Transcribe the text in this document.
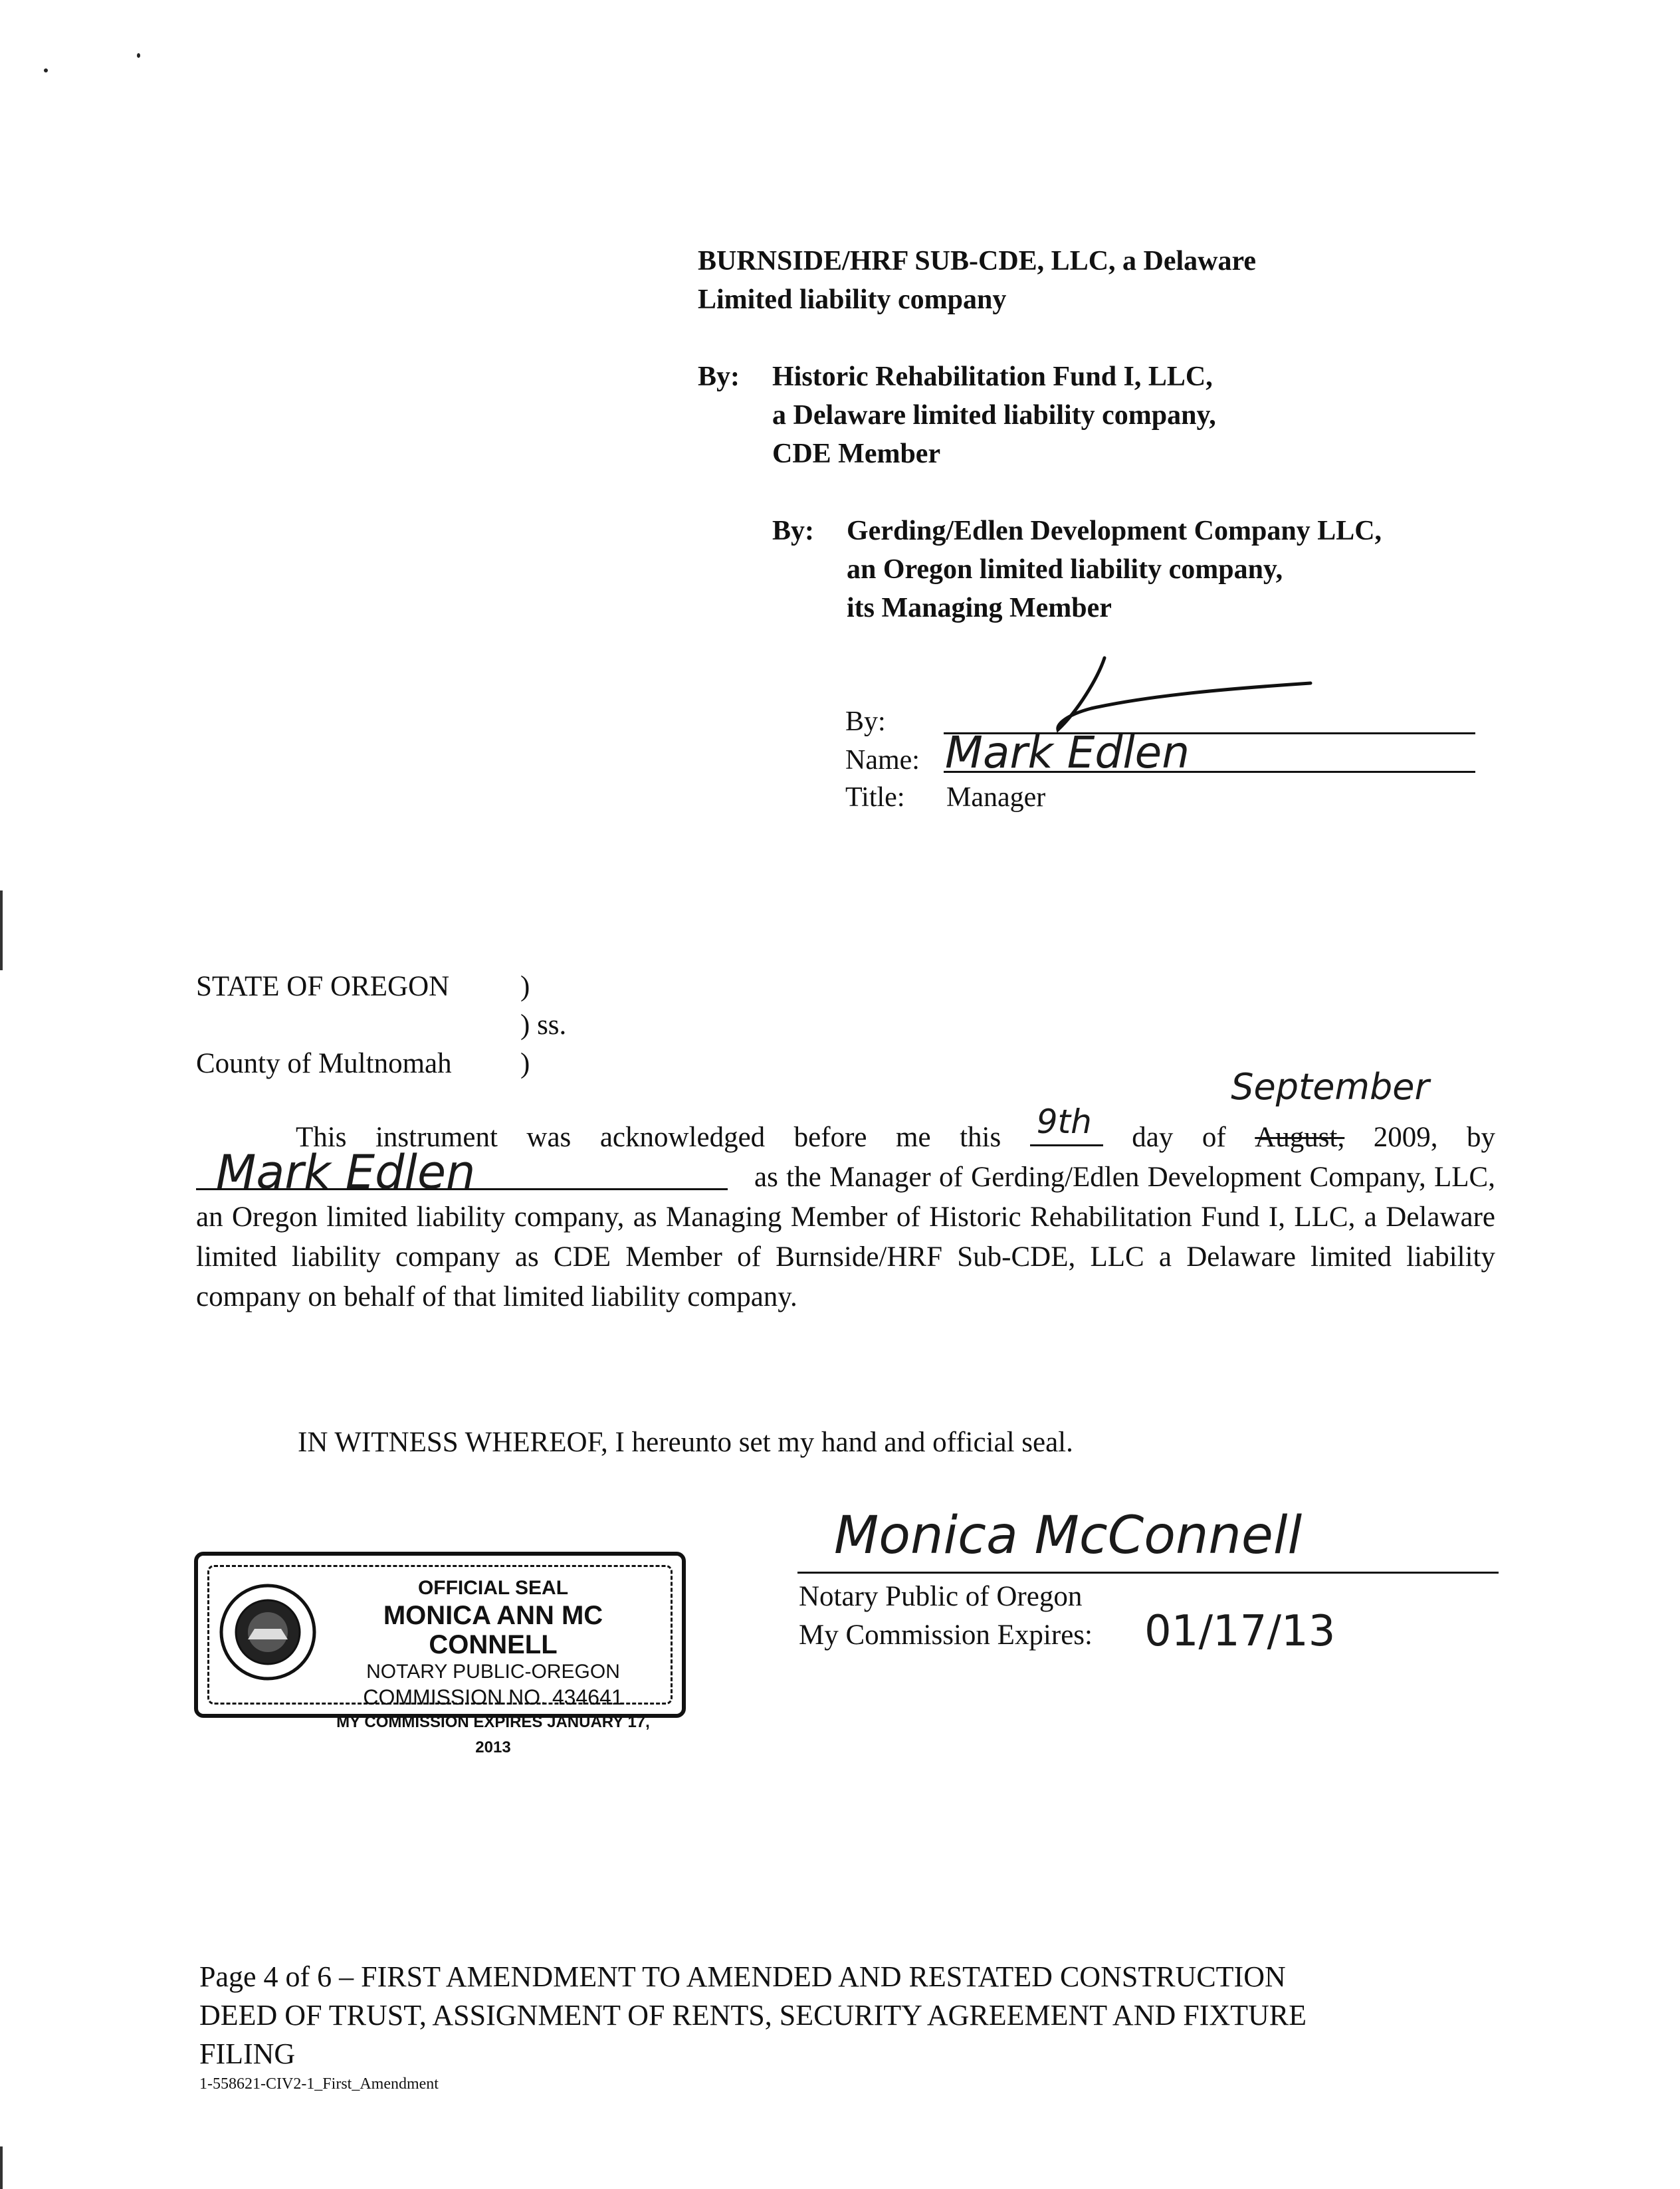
BURNSIDE/HRF SUB-CDE, LLC, a Delaware
Limited liability company
By: Historic Rehabilitation Fund I, LLC,
a Delaware limited liability company,
CDE Member
By: Gerding/Edlen Development Company LLC,
an Oregon limited liability company,
its Managing Member
By:
Name: Mark Edlen
Title: Manager
STATE OF OREGON )
) ss.
County of Multnomah )
This instrument was acknowledged before me this 9th day of August,
September
2009, by
Mark Edlen	as the Manager of Gerding/Edlen Development Company, LLC, an Oregon limited liability company, as Managing Member of Historic Rehabilitation Fund I, LLC, a Delaware limited liability company as CDE Member of Burnside/HRF Sub-CDE, LLC a Delaware limited liability company on behalf of that limited liability company.
IN WITNESS WHEREOF, I hereunto set my hand and official seal.
Monica McConnell
Notary Public of Oregon
My Commission Expires: 01/17/13
OFFICIAL SEAL
MONICA ANN MC CONNELL
NOTARY PUBLIC-OREGON
COMMISSION NO. 434641
MY COMMISSION EXPIRES JANUARY 17, 2013
Page 4 of 6 – FIRST AMENDMENT TO AMENDED AND RESTATED CONSTRUCTION
DEED OF TRUST, ASSIGNMENT OF RENTS, SECURITY AGREEMENT AND FIXTURE
FILING
1-558621-CIV2-1_First_Amendment
